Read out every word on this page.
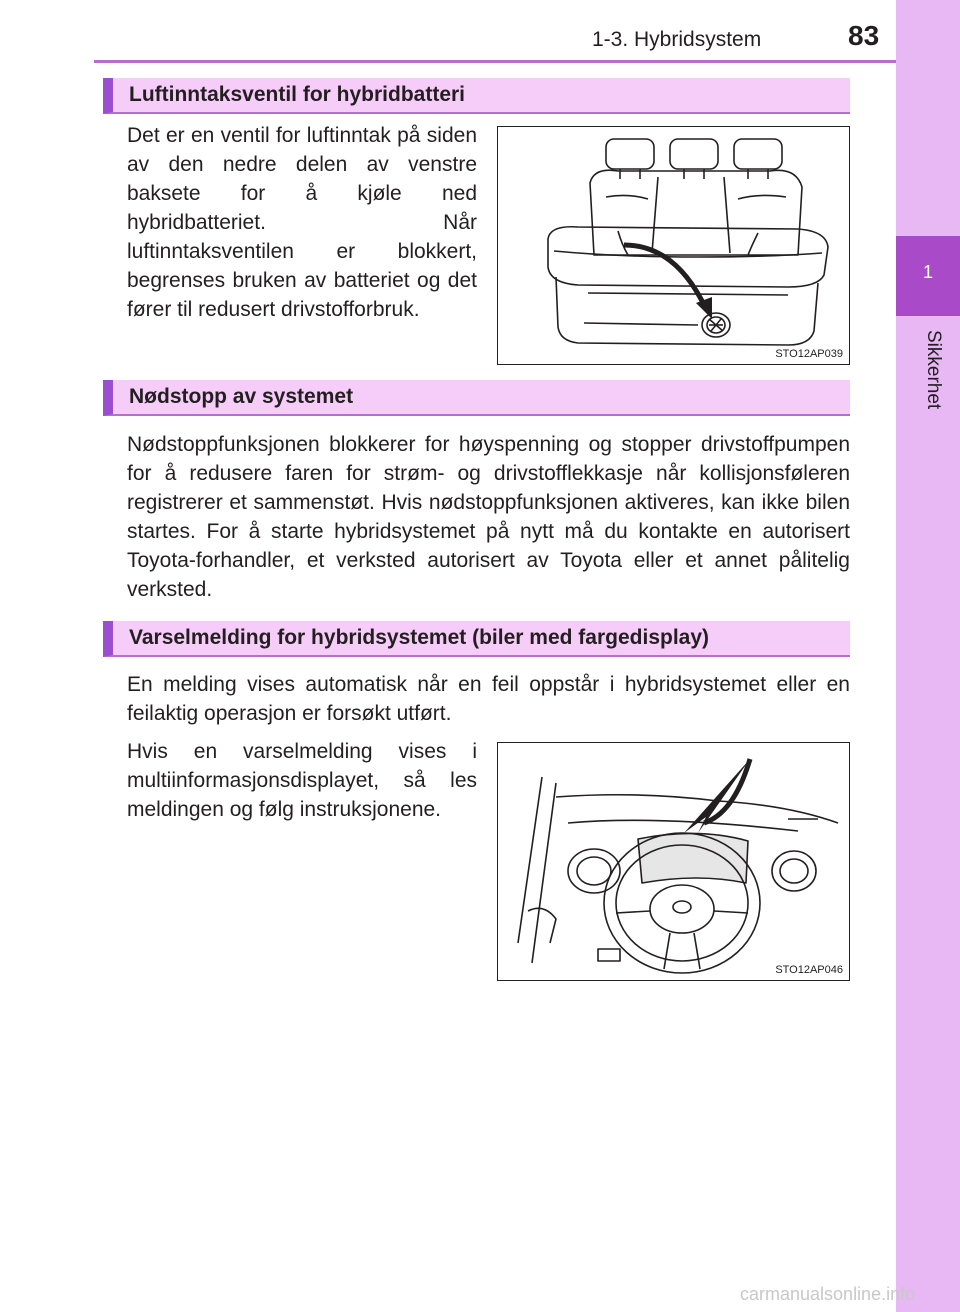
1-3. Hybridsystem	83
1
Sikkerhet
Luftinntaksventil for hybridbatteri
Det er en ventil for luftinntak på siden av den nedre delen av venstre baksete for å kjøle ned hybridbatteriet. Når luftinntaksventilen er blokkert, begrenses bruken av batteriet og det fører til redusert drivstofforbruk.
STO12AP039
Nødstopp av systemet
Nødstoppfunksjonen blokkerer for høyspenning og stopper drivstoffpumpen for å redusere faren for strøm- og drivstofflekkasje når kollisjonsføleren registrerer et sammenstøt. Hvis nødstoppfunksjonen aktiveres, kan ikke bilen startes. For å starte hybridsystemet på nytt må du kontakte en autorisert Toyota-forhandler, et verksted autorisert av Toyota eller et annet pålitelig verksted.
Varselmelding for hybridsystemet (biler med fargedisplay)
En melding vises automatisk når en feil oppstår i hybridsystemet eller en feilaktig operasjon er forsøkt utført.
Hvis en varselmelding vises i multiinformasjonsdisplayet, så les meldingen og følg instruksjonene.
STO12AP046
carmanualsonline.info
